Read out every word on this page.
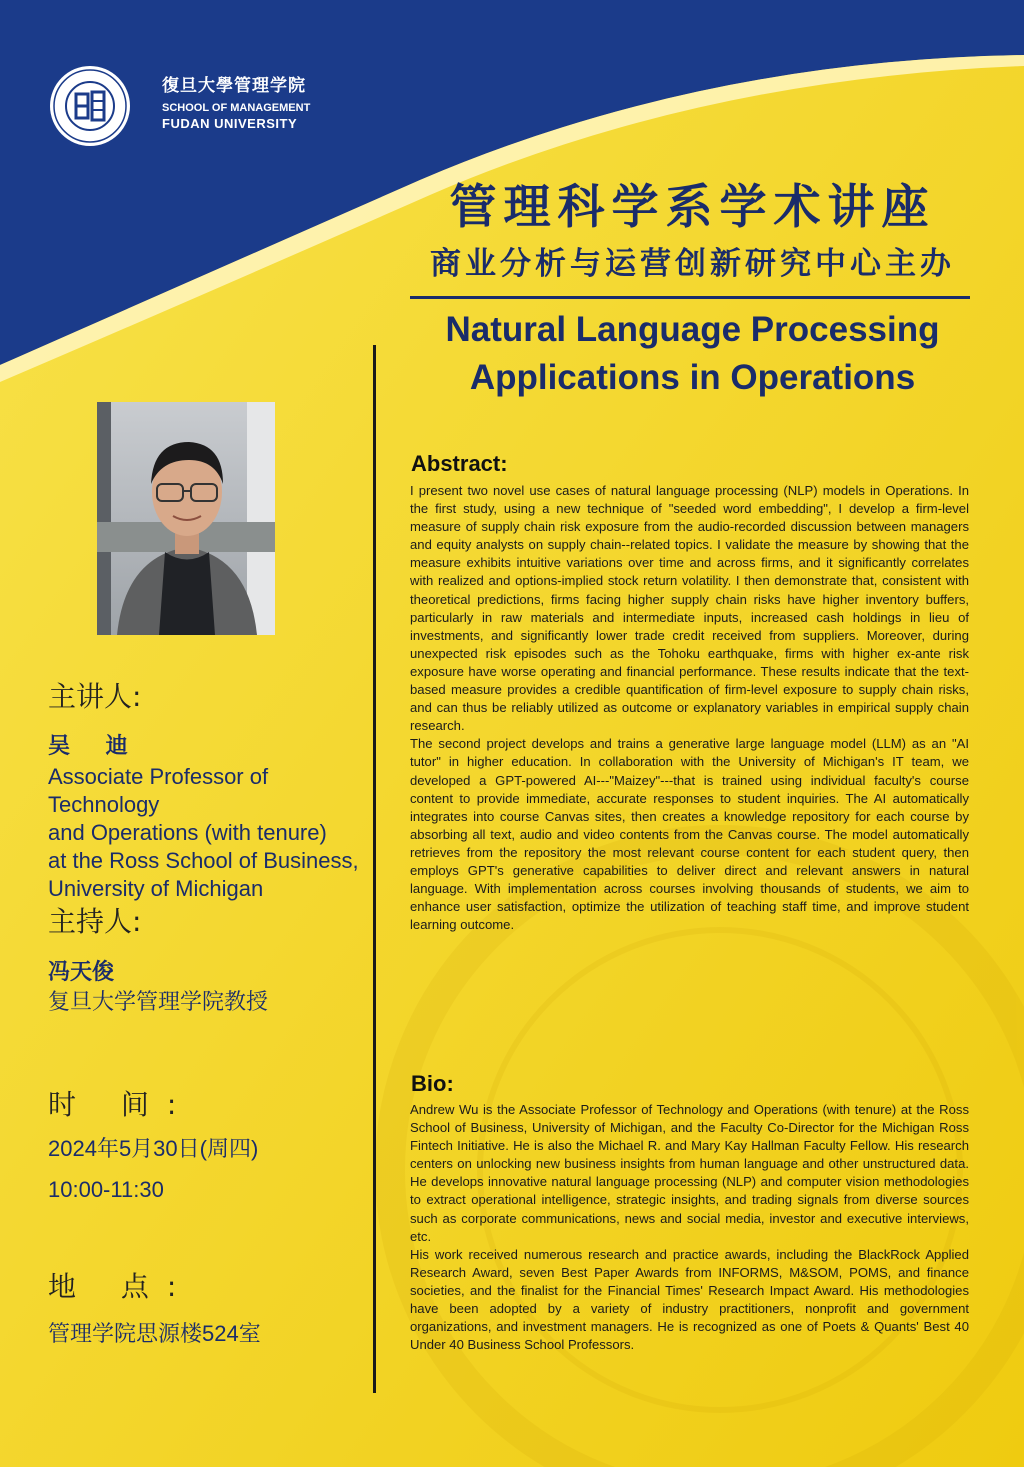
復旦大學管理学院
SCHOOL OF MANAGEMENT
FUDAN UNIVERSITY
管理科学系学术讲座
商业分析与运营创新研究中心主办
Natural Language Processing
Applications in Operations
主讲人:
吴 迪
Associate Professor of Technology
and Operations (with tenure)
at the Ross School of Business,
University of Michigan
主持人:
冯天俊
复旦大学管理学院教授
时 间:
2024年5月30日(周四)
10:00-11:30
地 点:
管理学院思源楼524室
Abstract:

I present two novel use cases of natural language processing (NLP) models in Operations. In the first study, using a new technique of "seeded word embedding", I develop a firm-level measure of supply chain risk exposure from the audio-recorded discussion between managers and equity analysts on supply chain--related topics. I validate the measure by showing that the measure exhibits intuitive variations over time and across firms, and it significantly correlates with realized and options-implied stock return volatility. I then demonstrate that, consistent with theoretical predictions, firms facing higher supply chain risks have higher inventory buffers, particularly in raw materials and intermediate inputs, increased cash holdings in lieu of investments, and significantly lower trade credit received from suppliers. Moreover, during unexpected risk episodes such as the Tohoku earthquake, firms with higher ex-ante risk exposure have worse operating and financial performance. These results indicate that the text-based measure provides a credible quantification of firm-level exposure to supply chain risks, and can thus be reliably utilized as outcome or explanatory variables in empirical supply chain research.

The second project develops and trains a generative large language model (LLM) as an "AI tutor" in higher education. In collaboration with the University of Michigan's IT team, we developed a GPT-powered AI---"Maizey"---that is trained using individual faculty's course content to provide immediate, accurate responses to student inquiries. The AI automatically integrates into course Canvas sites, then creates a knowledge repository for each course by absorbing all text, audio and video contents from the Canvas course. The model automatically retrieves from the repository the most relevant course content for each student query, then employs GPT's generative capabilities to deliver direct and relevant answers in natural language. With implementation across courses involving thousands of students, we aim to enhance user satisfaction, optimize the utilization of teaching staff time, and improve student learning outcome.

Bio:

Andrew Wu is the Associate Professor of Technology and Operations (with tenure) at the Ross School of Business, University of Michigan, and the Faculty Co-Director for the Michigan Ross Fintech Initiative. He is also the Michael R. and Mary Kay Hallman Faculty Fellow. His research centers on unlocking new business insights from human language and other unstructured data. He develops innovative natural language processing (NLP) and computer vision methodologies to extract operational intelligence, strategic insights, and trading signals from diverse sources such as corporate communications, news and social media, investor and executive interviews, etc.

His work received numerous research and practice awards, including the BlackRock Applied Research Award, seven Best Paper Awards from INFORMS, M&SOM, POMS, and finance societies, and the finalist for the Financial Times' Research Impact Award. His methodologies have been adopted by a variety of industry practitioners, nonprofit and government organizations, and investment managers. He is recognized as one of Poets & Quants' Best 40 Under 40 Business School Professors.
